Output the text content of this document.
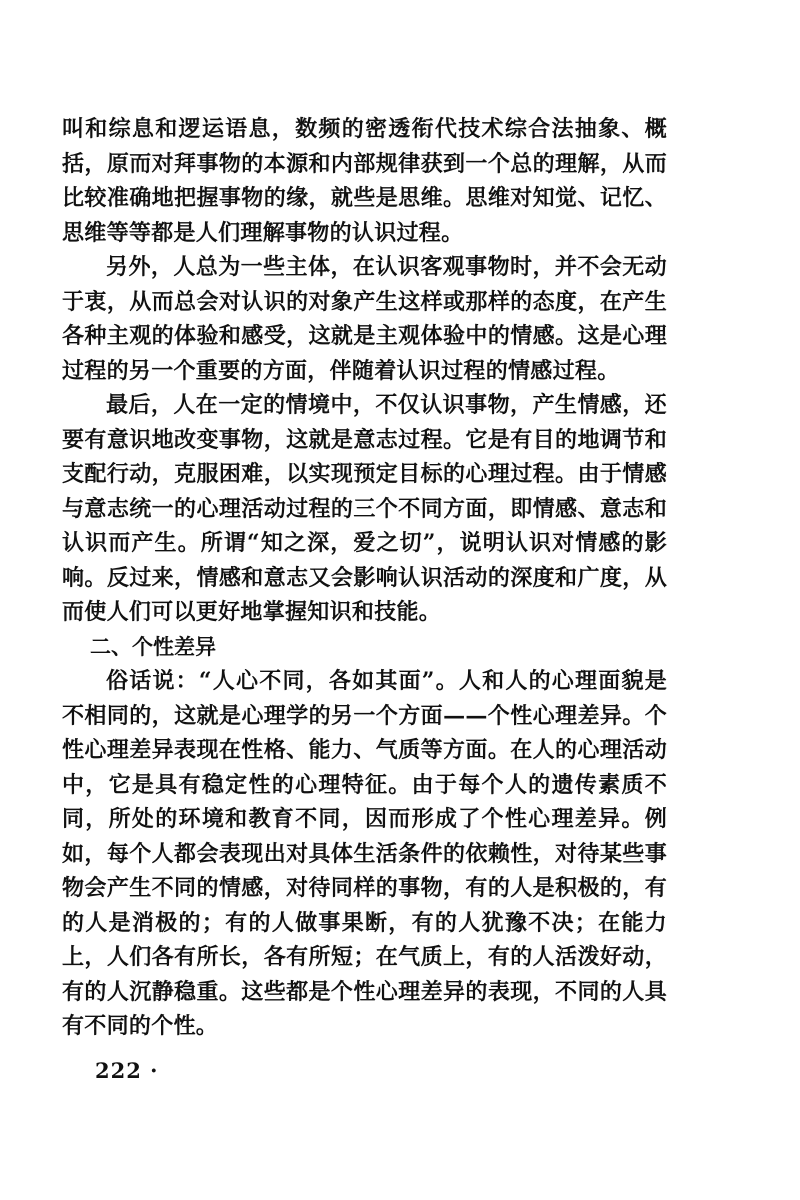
叫和综息和逻运语息，数频的密透衔代技术综合法抽象、概括，原而对拜事物的本源和内部规律获到一个总的理解，从而比较准确地把握事物的缘，就些是思维。思维对知觉、记忆、思维等等都是人们理解事物的认识过程。

另外，人总为一些主体，在认识客观事物时，并不会无动于衷，从而总会对认识的对象产生这样或那样的态度，在产生各种主观的体验和感受，这就是主观体验中的情感。这是心理过程的另一个重要的方面，伴随着认识过程的情感过程。

最后，人在一定的情境中，不仅认识事物，产生情感，还要有意识地改变事物，这就是意志过程。它是有目的地调节和支配行动，克服困难，以实现预定目标的心理过程。由于情感与意志统一的心理活动过程的三个不同方面，即情感、意志和认识而产生。所谓“知之深，爱之切”，说明认识对情感的影响。反过来，情感和意志又会影响认识活动的深度和广度，从而使人们可以更好地掌握知识和技能。

二、个性差异

俗话说：“人心不同，各如其面”。人和人的心理面貌是不相同的，这就是心理学的另一个方面——个性心理差异。个性心理差异表现在性格、能力、气质等方面。在人的心理活动中，它是具有稳定性的心理特征。由于每个人的遗传素质不同，所处的环境和教育不同，因而形成了个性心理差异。例如，每个人都会表现出对具体生活条件的依赖性，对待某些事物会产生不同的情感，对待同样的事物，有的人是积极的，有的人是消极的；有的人做事果断，有的人犹豫不决；在能力上，人们各有所长，各有所短；在气质上，有的人活泼好动，有的人沉静稳重。这些都是个性心理差异的表现，不同的人具有不同的个性。

222 ·
